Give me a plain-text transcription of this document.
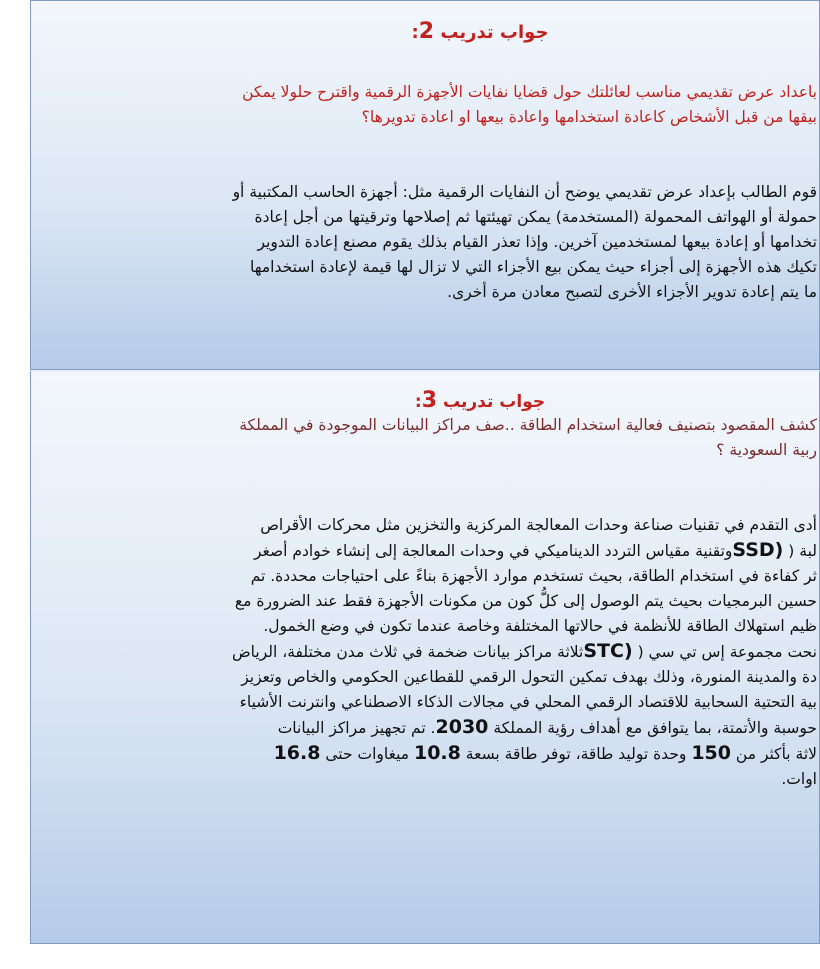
جواب تدريب 2:

باعداد عرض تقديمي مناسب لعائلتك حول قضايا نفايات الأجهزة الرقمية واقترح حلولا يمكن

بيقها من قبل الأشخاص كاعادة استخدامها واعادة بيعها او اعادة تدويرها؟

قوم الطالب بإعداد عرض تقديمي يوضح أن النفايات الرقمية مثل: أجهزة الحاسب المكتبية أو

حمولة أو الهواتف المحمولة (المستخدمة) يمكن تهيئتها ثم إصلاحها وترقيتها من أجل إعادة

تخدامها أو إعادة بيعها لمستخدمين آخرين. وإذا تعذر القيام بذلك يقوم مصنع إعادة التدوير

تكيك هذه الأجهزة إلى أجزاء حيث يمكن بيع الأجزاء التي لا تزال لها قيمة لإعادة استخدامها

ما يتم إعادة تدوير الأجزاء الأخرى لتصبح معادن مرة أخرى.

جواب تدريب 3:

كشف المقصود بتصنيف فعالية استخدام الطاقة ..صف مراكز البيانات الموجودة في المملكة

ربية السعودية ؟

أدى التقدم في تقنيات صناعة وحدات المعالجة المركزية والتخزين مثل محركات الأقراص

لبة ( SSD)وتقنية مقياس التردد الديناميكي في وحدات المعالجة إلى إنشاء خوادم أصغر

ثر كفاءة في استخدام الطاقة، بحيث تستخدم موارد الأجهزة بناءً على احتياجات محددة. تم

حسين البرمجيات بحيث يتم الوصول إلى كلُّ كون من مكونات الأجهزة فقط عند الضرورة مع

ظيم استهلاك الطاقة للأنظمة في حالاتها المختلفة وخاصة عندما تكون في وضع الخمول.

نحت مجموعة إس تي سي ( STC)ثلاثة مراكز بيانات ضخمة في ثلاث مدن مختلفة، الرياض

دة والمدينة المنورة، وذلك بهدف تمكين التحول الرقمي للقطاعين الحكومي والخاص وتعزيز

بية التحتية السحابية للاقتصاد الرقمي المحلي في مجالات الذكاء الاصطناعي وانترنت الأشياء

حوسبة والأتمتة، بما يتوافق مع أهداف رؤية المملكة 2030. تم تجهيز مراكز البيانات

لاثة بأكثر من 150 وحدة توليد طاقة، توفر طاقة بسعة 10.8 ميغاوات حتى 16.8

اوات.
